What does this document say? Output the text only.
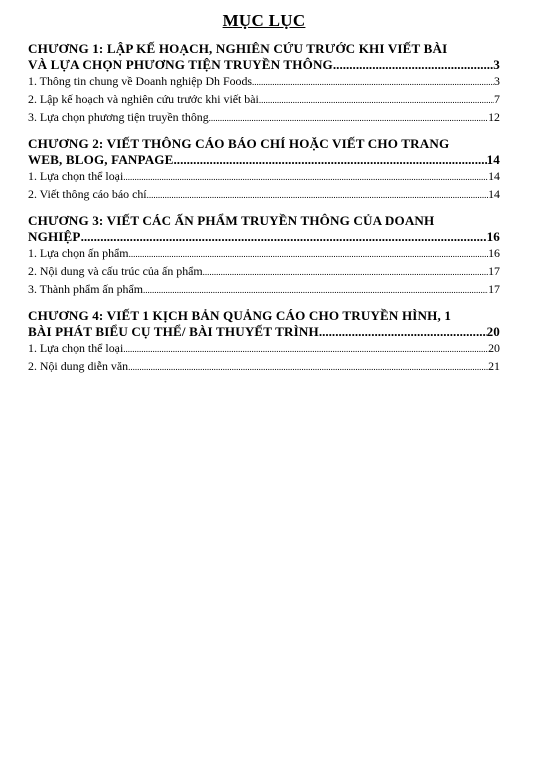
MỤC LỤC
CHƯƠNG 1: LẬP KẾ HOẠCH, NGHIÊN CỨU TRƯỚC KHI VIẾT BÀI
VÀ LỰA CHỌN PHƯƠNG TIỆN TRUYỀN THÔNG .....	3
1. Thông tin chung về Doanh nghiệp Dh Foods .....	3
2. Lập kế hoạch và nghiên cứu trước khi viết bài .....	7
3. Lựa chọn phương tiện truyền thông .....	12
CHƯƠNG 2: VIẾT THÔNG CÁO BÁO CHÍ HOẶC VIẾT CHO TRANG
WEB, BLOG, FANPAGE .....	14
1. Lựa chọn thể loại .....	14
2. Viết thông cáo báo chí .....	14
CHƯƠNG 3: VIẾT CÁC ẤN PHẨM TRUYỀN THÔNG CỦA DOANH
NGHIỆP .....	16
1. Lựa chọn ấn phẩm .....	16
2. Nội dung và cấu trúc của ấn phẩm .....	17
3. Thành phẩm ấn phẩm .....	17
CHƯƠNG 4: VIẾT 1 KỊCH BẢN QUẢNG CÁO CHO TRUYỀN HÌNH, 1
BÀI PHÁT BIỂU CỤ THỂ/ BÀI THUYẾT TRÌNH .....	20
1. Lựa chọn thể loại .....	20
2. Nội dung diễn văn .....	21
